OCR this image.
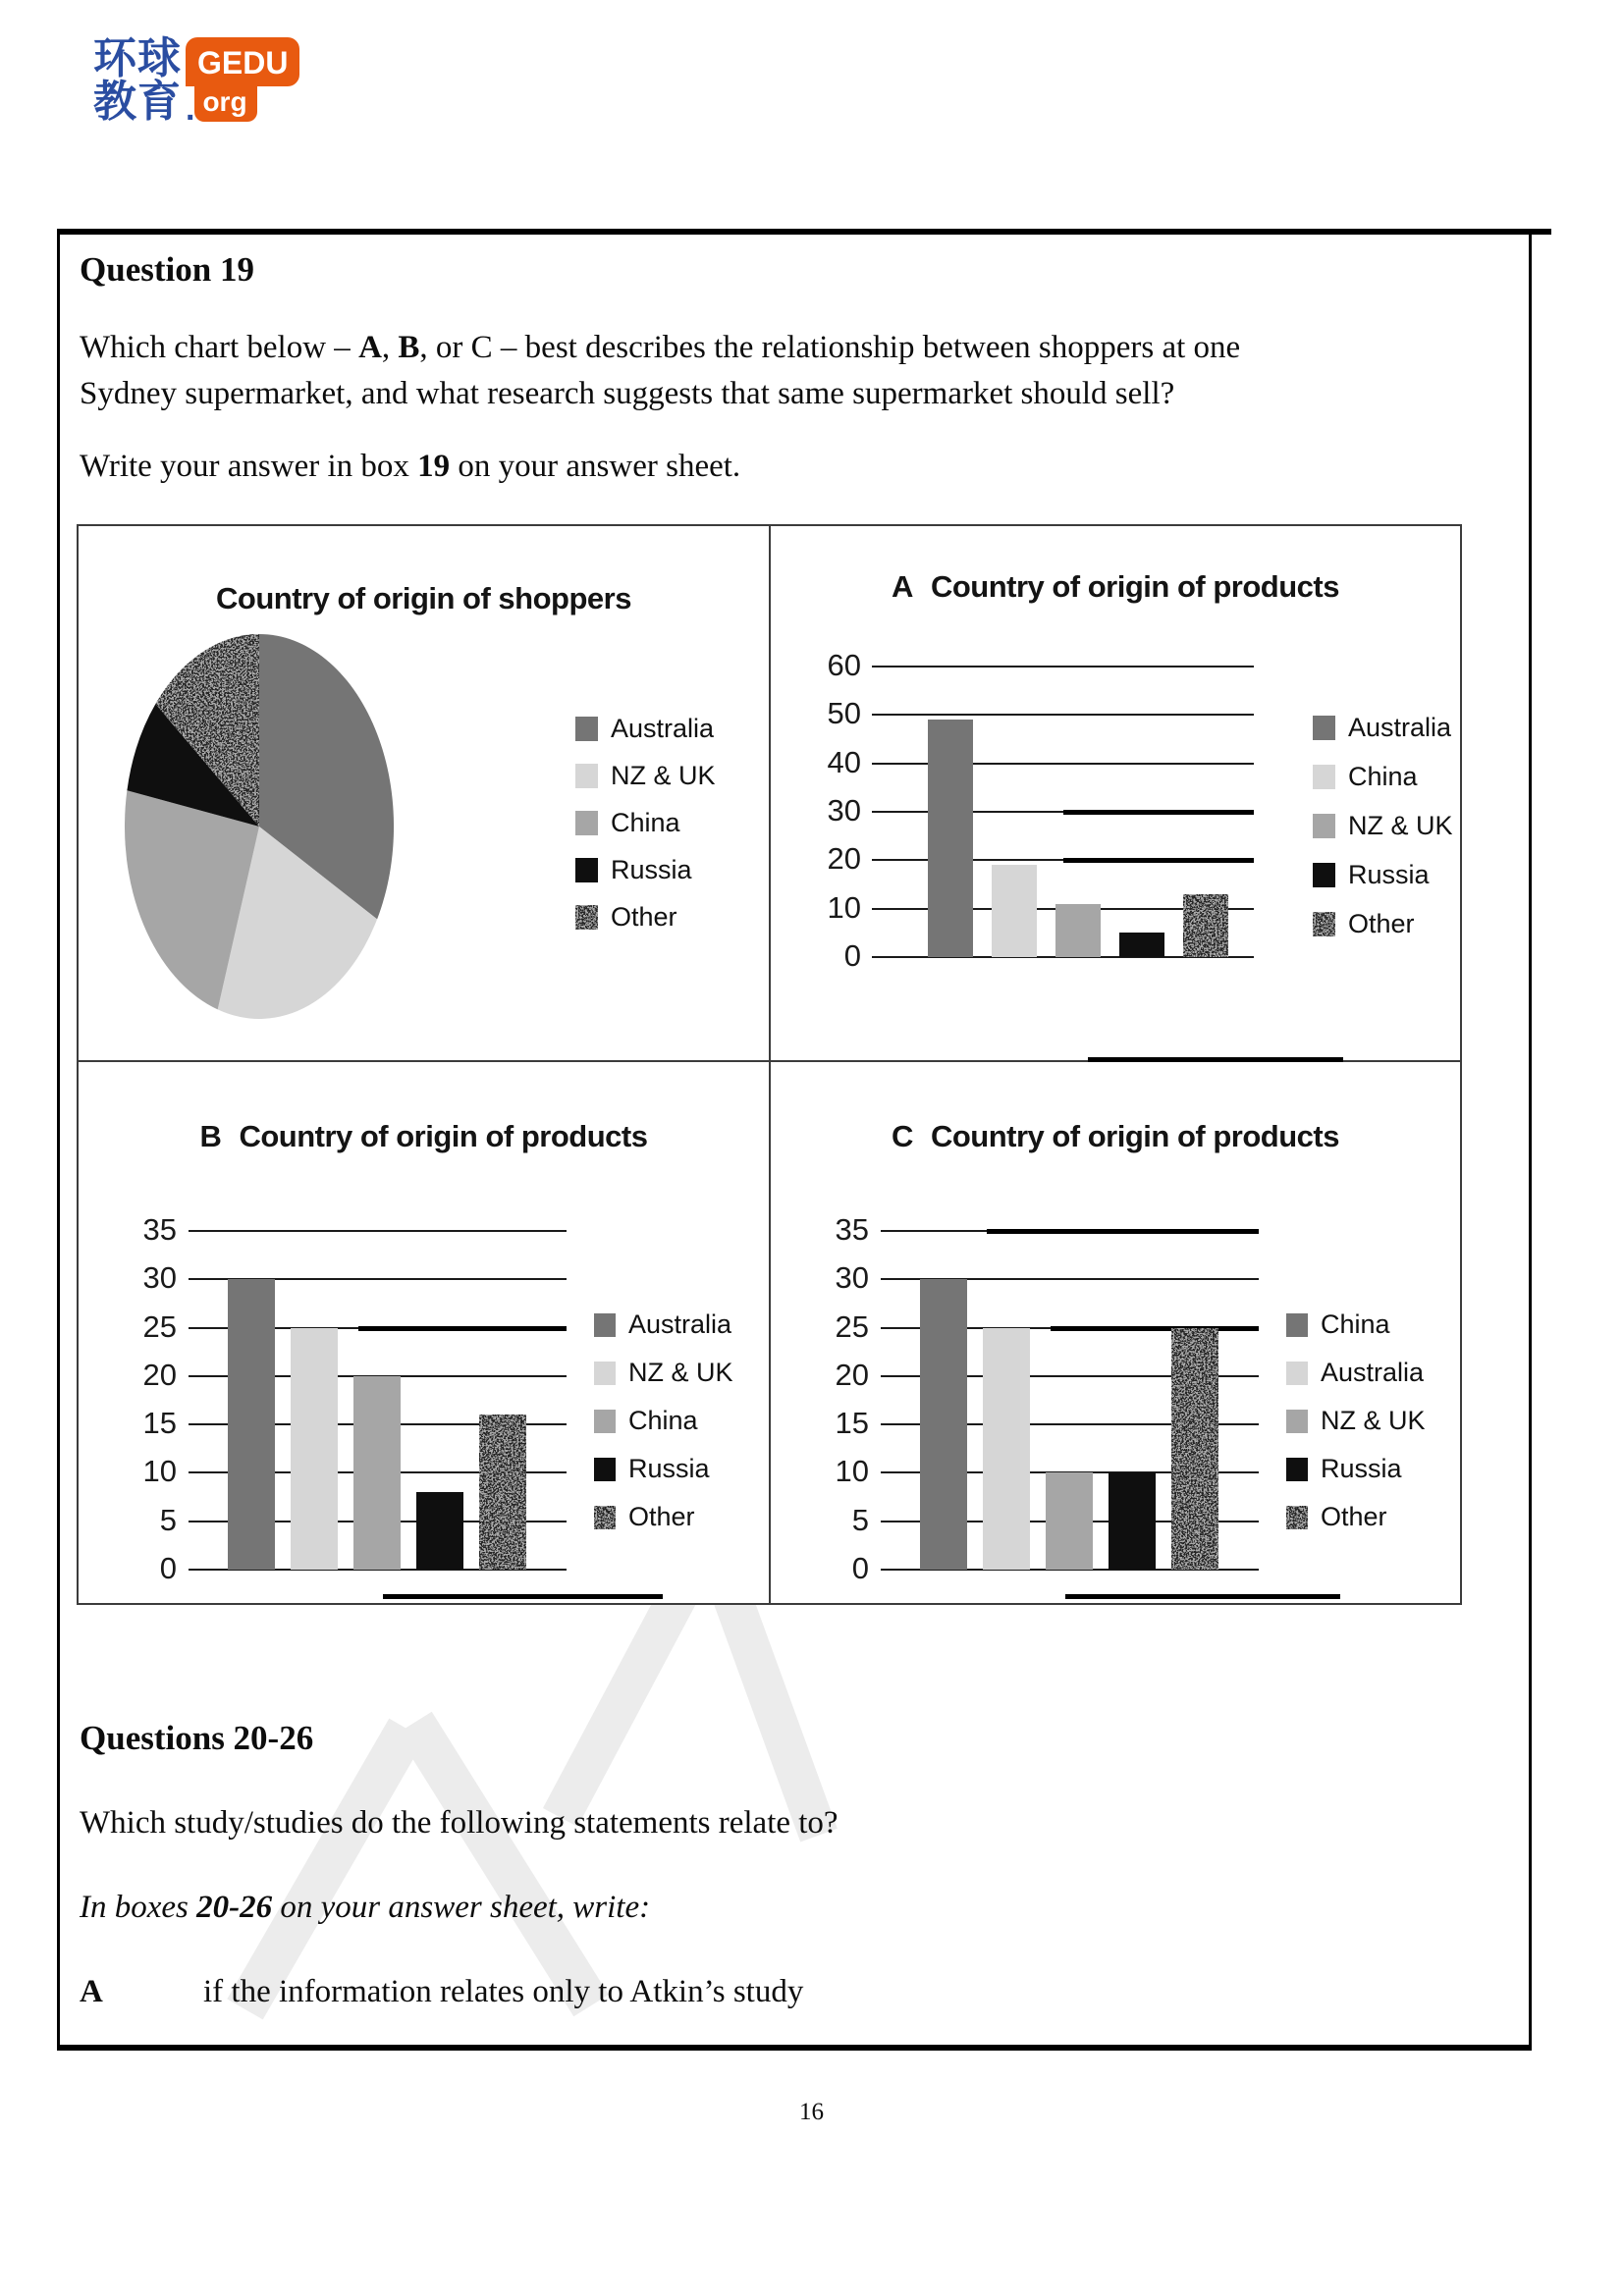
环球
教育
GEDU
. org
Question 19
Which chart below – A, B, or C – best describes the relationship between shoppers at one
Sydney supermarket, and what research suggests that same supermarket should sell?
Write your answer in box 19 on your answer sheet.
Country of origin of shoppers
Australia
NZ & UK
China
Russia
Other
A Country of origin of products
60
50
40
30
20
10
0
Australia
China
NZ & UK
Russia
Other
B Country of origin of products
35
30
25
20
15
10
5
0
Australia
NZ & UK
China
Russia
Other
C Country of origin of products
35
30
25
20
15
10
5
0
China
Australia
NZ & UK
Russia
Other
Questions 20-26
Which study/studies do the following statements relate to?
In boxes 20-26 on your answer sheet, write:
A	if the information relates only to Atkin’s study
16
